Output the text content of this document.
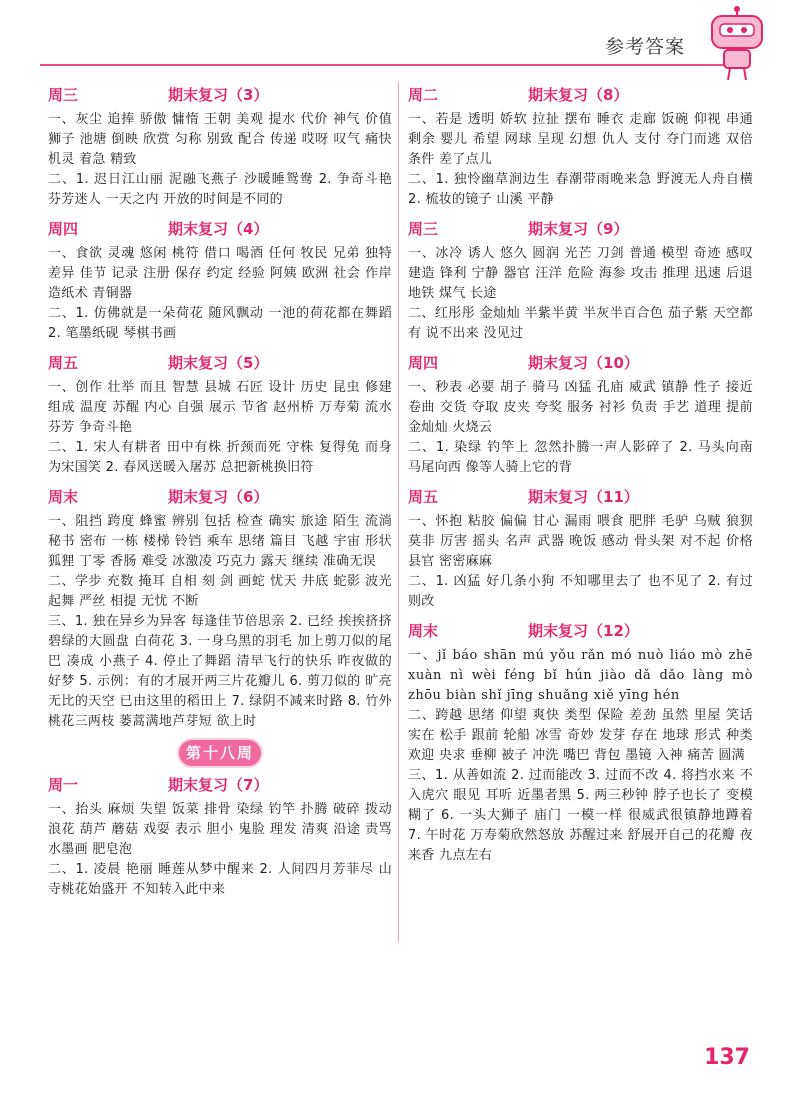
参考答案
周三	期末复习（3）
一、灰尘 追捧 骄傲 慵惰 王朝 美观 提水 代价 神气 价值 狮子 池塘 倒映 欣赏 匀称 别致 配合 传递 哎呀 叹气 痛快 机灵 着急 精致
二、1. 迟日江山丽 泥融飞燕子 沙暖睡鸳鸯 2. 争奇斗艳 芬芳迷人 一天之内 开放的时间是不同的
周四	期末复习（4）
一、食欲 灵魂 悠闲 桃符 借口 喝酒 任何 牧民 兄弟 独特 差异 佳节 记录 注册 保存 约定 经验 阿姨 欧洲 社会 作岸 造纸术 青铜器
二、1. 仿佛就是一朵荷花 随风飘动 一池的荷花都在舞蹈 2. 笔墨纸砚 琴棋书画
周五	期末复习（5）
一、创作 壮举 而且 智慧 县城 石匠 设计 历史 昆虫 修建 组成 温度 苏醒 内心 自强 展示 节省 赵州桥 万寿菊 流水 芬芳 争奇斗艳
二、1. 宋人有耕者 田中有株 折颈而死 守株 复得兔 而身为宋国笑 2. 春风送暖入屠苏 总把新桃换旧符
周末	期末复习（6）
一、阻挡 跨度 蜂蜜 辨别 包括 检查 确实 旅途 陌生 流淌 秘书 密布 一栋 楼梯 铃铛 乘车 思绪 篇目 飞越 宇宙 形状 狐狸 丁零 香肠 难受 冰激凌 巧克力 露天 继续 准确无误
二、学步 充数 掩耳 自相 刻 剑 画蛇 忧天 井底 蛇影 波光 起舞 严丝 相提 无忧 不断
三、1. 独在异乡为异客 每逢佳节倍思亲 2. 已经 挨挨挤挤 碧绿的大圆盘 白荷花 3. 一身乌黑的羽毛 加上剪刀似的尾巴 凑成 小燕子 4. 停止了舞蹈 清早飞行的快乐 昨夜做的好梦 5. 示例：有的才展开两三片花瓣儿 6. 剪刀似的 旷亮无比的天空 已由这里的稻田上 7. 绿阴不减来时路 8. 竹外桃花三两枝 蒌蒿满地芦芽短 欲上时
第十八周
周一	期末复习（7）
一、抬头 麻烦 失望 饭菜 排骨 染绿 钓竿 扑腾 破碎 拨动 浪花 葫芦 蘑菇 戏耍 表示 胆小 鬼脸 理发 清爽 沿途 责骂 水墨画 肥皂泡
二、1. 凌晨 艳丽 睡莲从梦中醒来 2. 人间四月芳菲尽 山寺桃花始盛开 不知转入此中来
周二	期末复习（8）
一、若是 透明 娇软 拉扯 摆布 睡衣 走廊 饭碗 仰视 串通 剩余 婴儿 希望 网球 呈现 幻想 仇人 支付 夺门而逃 双倍 条件 差了点儿
二、1. 独怜幽草涧边生 春潮带雨晚来急 野渡无人舟自横 2. 梳妆的镜子 山溪 平静
周三	期末复习（9）
一、冰冷 诱人 悠久 圆润 光芒 刀剑 普通 模型 奇迹 感叹 建造 锋利 宁静 器官 汪洋 危险 海参 攻击 推理 迅速 后退 地铁 煤气 长途
二、红彤彤 金灿灿 半紫半黄 半灰半百合色 茄子紫 天空都有 说不出来 没见过
周四	期末复习（10）
一、秒表 必要 胡子 骑马 凶猛 孔庙 威武 镇静 性子 接近 卷曲 交货 夺取 皮夹 夸奖 服务 衬衫 负责 手艺 道理 提前 金灿灿 火烧云
二、1. 染绿 钓竿上 忽然扑腾一声人影碎了 2. 马头向南 马尾向西 像等人骑上它的背
周五	期末复习（11）
一、怀抱 粘胶 偏偏 甘心 漏雨 喂食 肥胖 毛驴 乌贼 狼狈 莫非 厉害 摇头 名声 武器 晚饭 感动 骨头架 对不起 价格 县官 密密麻麻
二、1. 凶猛 好几条小狗 不知哪里去了 也不见了 2. 有过则改
周末	期末复习（12）
一、jǐ báo shān mú yǒu rǎn mó nuò liáo mò zhē xuàn nì wèi féng bǐ hún jiào dǎ dǎo làng mò zhōu biàn shǐ jīng shuǎng xiě yīng hén
二、跨越 思绪 仰望 爽快 类型 保险 差劲 虽然 里屋 笑话 实在 松手 跟前 轮船 冰雪 奇妙 发芽 存在 地球 形式 种类 欢迎 央求 垂柳 被子 冲洗 嘴巴 背包 墨镜 入神 痛苦 圆满
三、1. 从善如流 2. 过而能改 3. 过而不改 4. 将挡水来 不入虎穴 眼见 耳听 近墨者黑 5. 两三秒钟 脖子也长了 变模糊了 6. 一头大狮子 庙门 一模一样 很威武很镇静地蹲着 7. 午时花 万寿菊欣然怒放 苏醒过来 舒展开自己的花瓣 夜来香 九点左右
137
